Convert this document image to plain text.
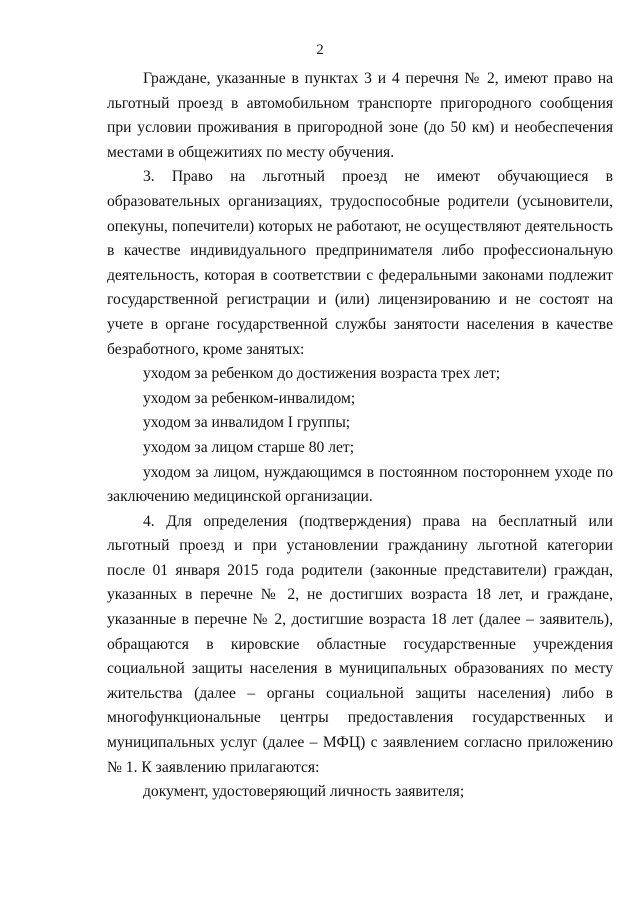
2

Граждане, указанные в пунктах 3 и 4 перечня № 2, имеют право на льготный проезд в автомобильном транспорте пригородного сообщения при условии проживания в пригородной зоне (до 50 км) и необеспечения местами в общежитиях по месту обучения.

3. Право на льготный проезд не имеют обучающиеся в образовательных организациях, трудоспособные родители (усыновители, опекуны, попечители) которых не работают, не осуществляют деятельность в качестве индивидуального предпринимателя либо профессиональную деятельность, которая в соответствии с федеральными законами подлежит государственной регистрации и (или) лицензированию и не состоят на учете в органе государственной службы занятости населения в качестве безработного, кроме занятых:

уходом за ребенком до достижения возраста трех лет;

уходом за ребенком-инвалидом;

уходом за инвалидом I группы;

уходом за лицом старше 80 лет;

уходом за лицом, нуждающимся в постоянном постороннем уходе по заключению медицинской организации.

4. Для определения (подтверждения) права на бесплатный или льготный проезд и при установлении гражданину льготной категории после 01 января 2015 года родители (законные представители) граждан, указанных в перечне № 2, не достигших возраста 18 лет, и граждане, указанные в перечне № 2, достигшие возраста 18 лет (далее – заявитель), обращаются в кировские областные государственные учреждения социальной защиты населения в муниципальных образованиях по месту жительства (далее – органы социальной защиты населения) либо в многофункциональные центры предоставления государственных и муниципальных услуг (далее – МФЦ) с заявлением согласно приложению № 1. К заявлению прилагаются:

документ, удостоверяющий личность заявителя;
